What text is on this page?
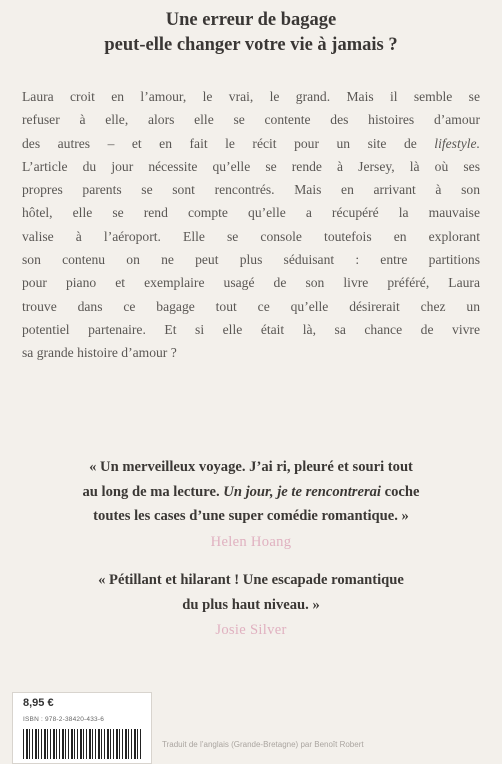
Une erreur de bagage
peut-elle changer votre vie à jamais ?
Laura croit en l’amour, le vrai, le grand. Mais il semble se
refuser à elle, alors elle se contente des histoires d’amour
des autres – et en fait le récit pour un site de lifestyle.
L’article du jour nécessite qu’elle se rende à Jersey, là où ses
propres parents se sont rencontrés. Mais en arrivant à son
hôtel, elle se rend compte qu’elle a récupéré la mauvaise
valise à l’aéroport. Elle se console toutefois en explorant
son contenu on ne peut plus séduisant : entre partitions
pour piano et exemplaire usagé de son livre préféré, Laura
trouve dans ce bagage tout ce qu’elle désirerait chez un
potentiel partenaire. Et si elle était là, sa chance de vivre
sa grande histoire d’amour ?
« Un merveilleux voyage. J’ai ri, pleuré et souri tout
au long de ma lecture. Un jour, je te rencontrerai coche
toutes les cases d’une super comédie romantique. »
Helen Hoang
« Pétillant et hilarant ! Une escapade romantique
du plus haut niveau. »
Josie Silver
8,95 €
ISBN : 978-2-38420-433-6
Traduit de l’anglais (Grande-Bretagne) par Benoît Robert
